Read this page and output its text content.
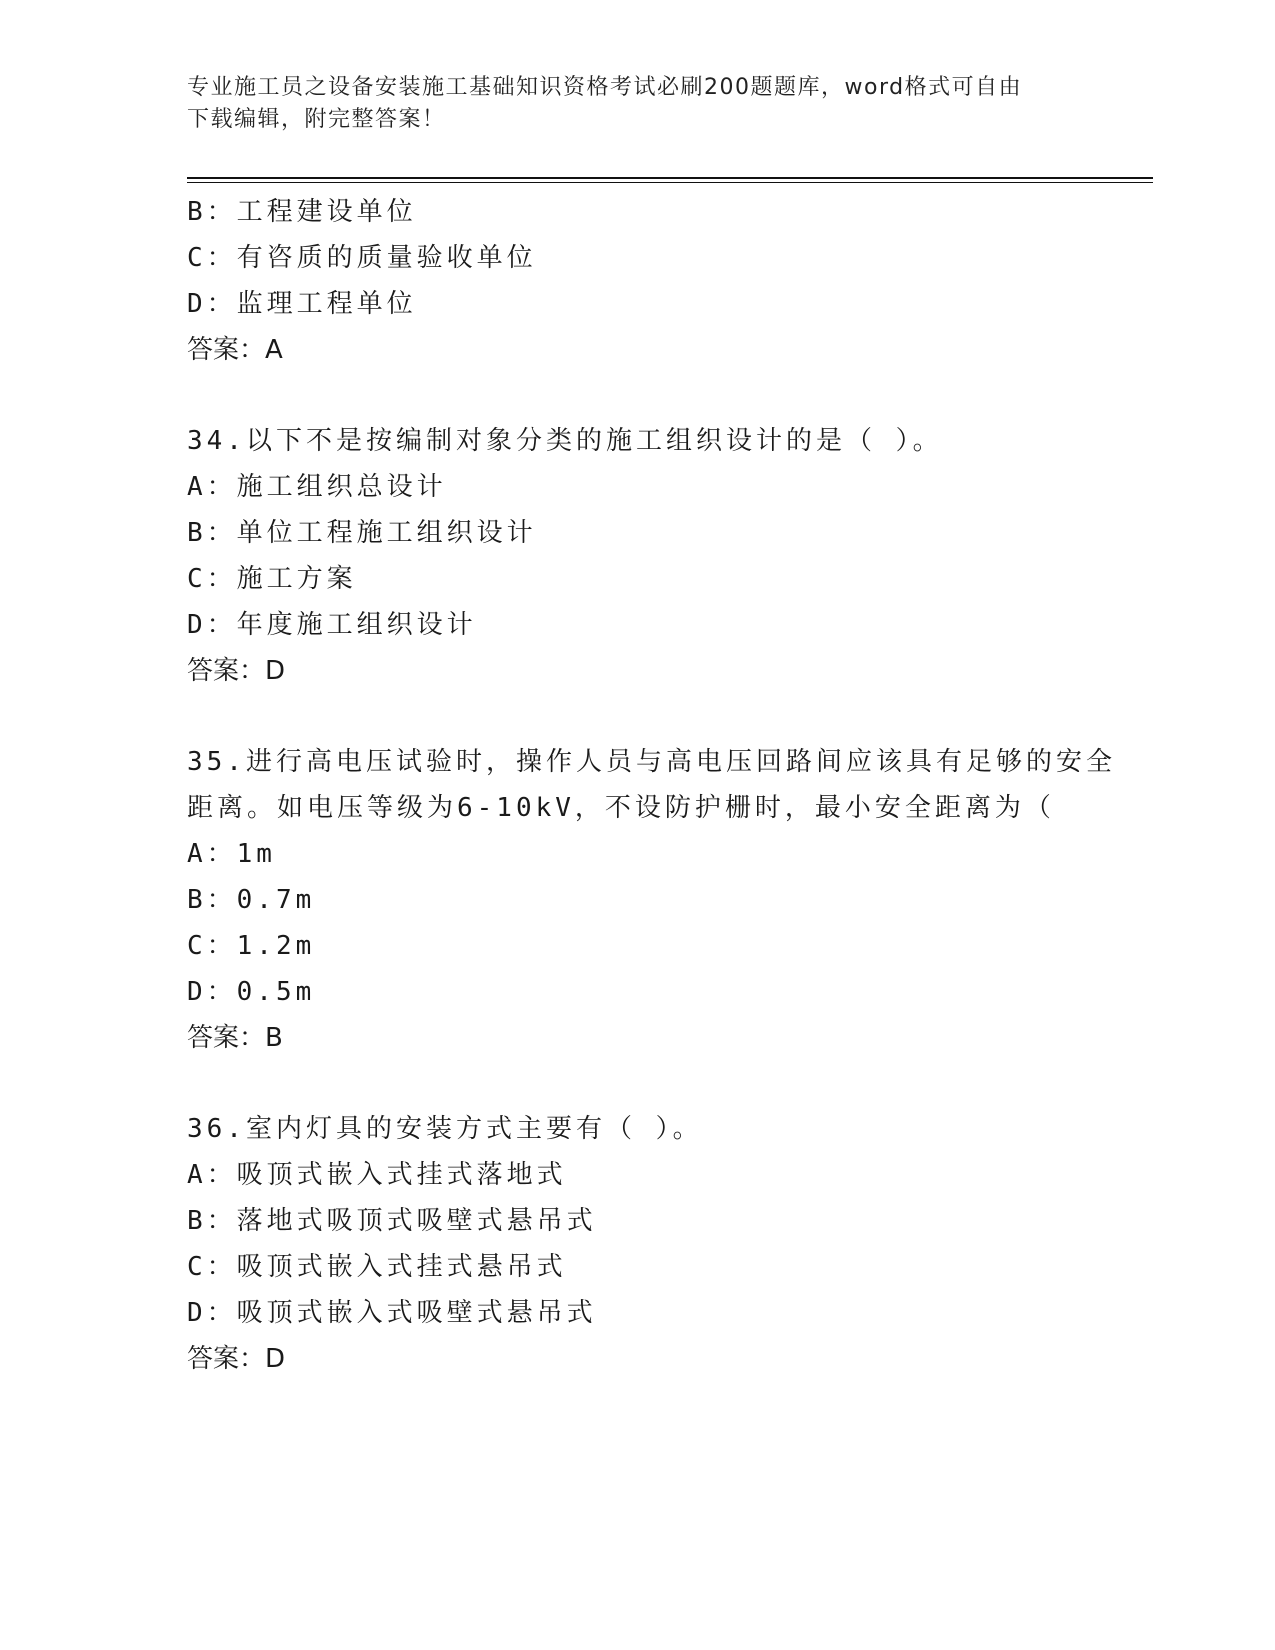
专业施工员之设备安装施工基础知识资格考试必刷200题题库，word格式可自由
下载编辑，附完整答案！
B：工程建设单位
C：有咨质的质量验收单位
D：监理工程单位
答案：A
34.以下不是按编制对象分类的施工组织设计的是（ ）。
A：施工组织总设计
B：单位工程施工组织设计
C：施工方案
D：年度施工组织设计
答案：D
35.进行高电压试验时，操作人员与高电压回路间应该具有足够的安全
距离。如电压等级为6-10kV，不设防护栅时，最小安全距离为（
A：1m
B：0.7m
C：1.2m
D：0.5m
答案：B
36.室内灯具的安装方式主要有（ ）。
A：吸顶式嵌入式挂式落地式
B：落地式吸顶式吸壁式悬吊式
C：吸顶式嵌入式挂式悬吊式
D：吸顶式嵌入式吸壁式悬吊式
答案：D
